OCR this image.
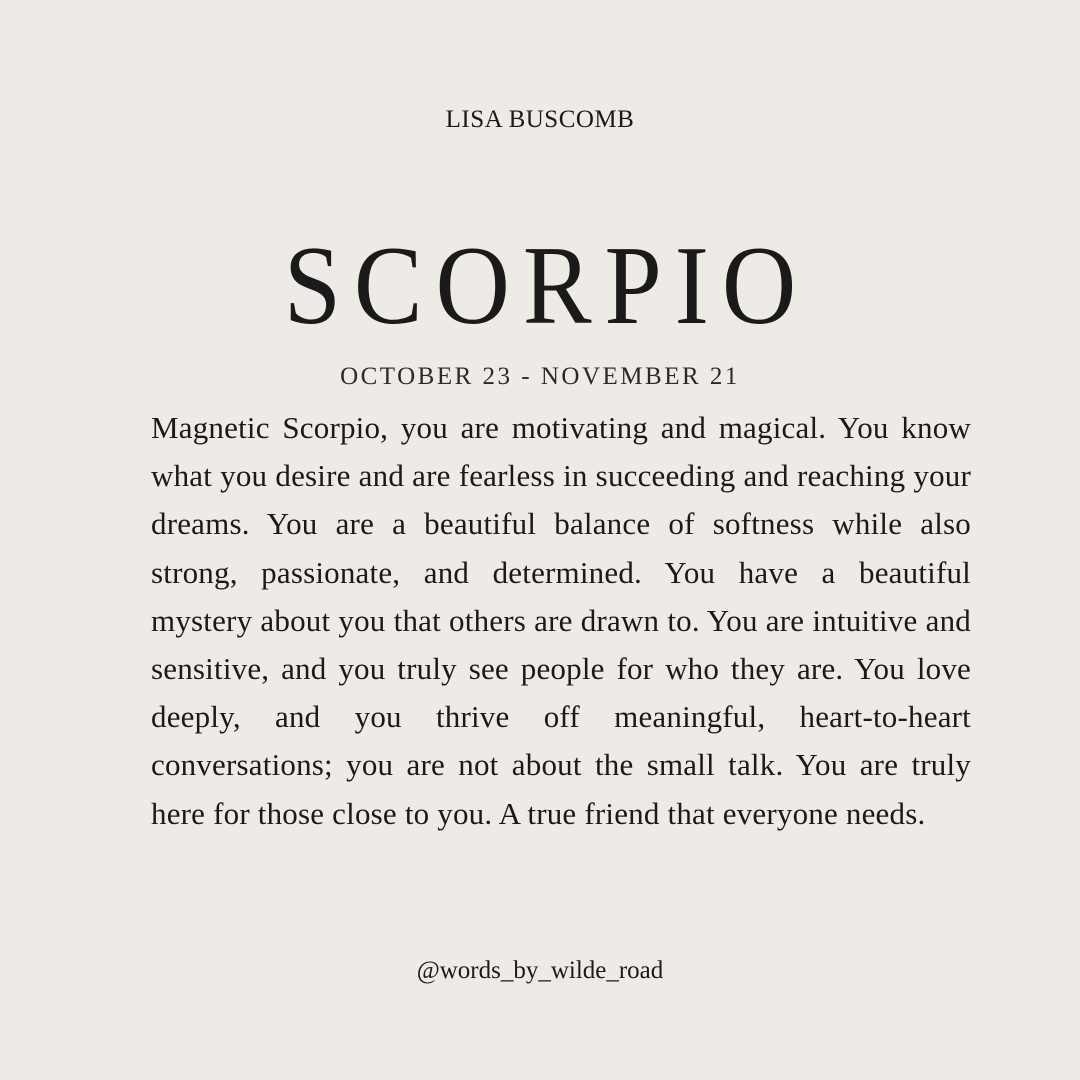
LISA BUSCOMB
SCORPIO
OCTOBER 23 - NOVEMBER 21
Magnetic Scorpio, you are motivating and magical. You know what you desire and are fearless in succeeding and reaching your dreams. You are a beautiful balance of softness while also strong, passionate, and determined. You have a beautiful mystery about you that others are drawn to. You are intuitive and sensitive, and you truly see people for who they are. You love deeply, and you thrive off meaningful, heart-to-heart conversations; you are not about the small talk. You are truly here for those close to you. A true friend that everyone needs.
@words_by_wilde_road
